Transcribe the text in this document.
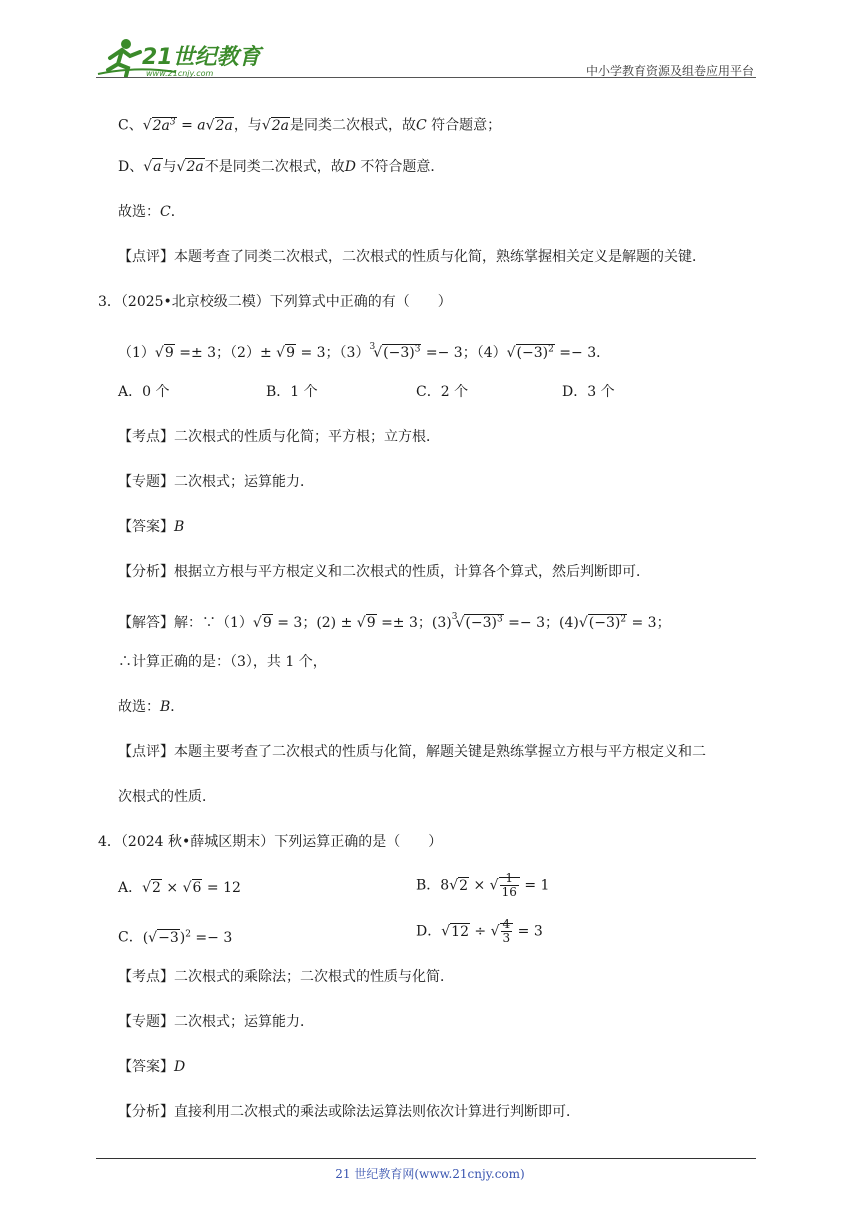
21世纪教育
www.21cnjy.com	中小学教育资源及组卷应用平台
C、$√2a^3 = a√2a$，与√2a是同类二次根式，故C 符合题意；
D、√a与√2a不是同类二次根式，故D 不符合题意．
故选：C．
【点评】本题考查了同类二次根式，二次根式的性质与化简，熟练掌握相关定义是解题的关键．
3．（2025•北京校级二模）下列算式中正确的有（　　）
（1）√9 =± 3；（2）± √9 = 3；$(3)^3√(-3)^3 =- 3$；$(4)√(-3)^2 =- 3$．
A．0 个	B．1 个	C．2 个	D．3 个
【考点】二次根式的性质与化简；平方根；立方根．
【专题】二次根式；运算能力．
【答案】B
【分析】根据立方根与平方根定义和二次根式的性质，计算各个算式，然后判断即可．
【解答】解：∵（1）√9 = 3；(2) ± √9 =± 3；$(3)^3√(-3)^3 =- 3$；$(4)√(-3)^2 = 3$；
∴计算正确的是：（3），共 1 个，
故选：B．
【点评】本题主要考查了二次根式的性质与化简，解题关键是熟练掌握立方根与平方根定义和二
次根式的性质．
4．（2024 秋•薛城区期末）下列运算正确的是（　　）
A．√2 × √6 = 12	B．8√2 × √ $\frac{1}{16} = 1$
C．$(√-3)^2 =- 3$	D．√12 ÷ √ $\frac{4}{3} = 3$
【考点】二次根式的乘除法；二次根式的性质与化简．
【专题】二次根式；运算能力．
【答案】D
【分析】直接利用二次根式的乘法或除法运算法则依次计算进行判断即可．
21 世纪教育网(www.21cnjy.com)
